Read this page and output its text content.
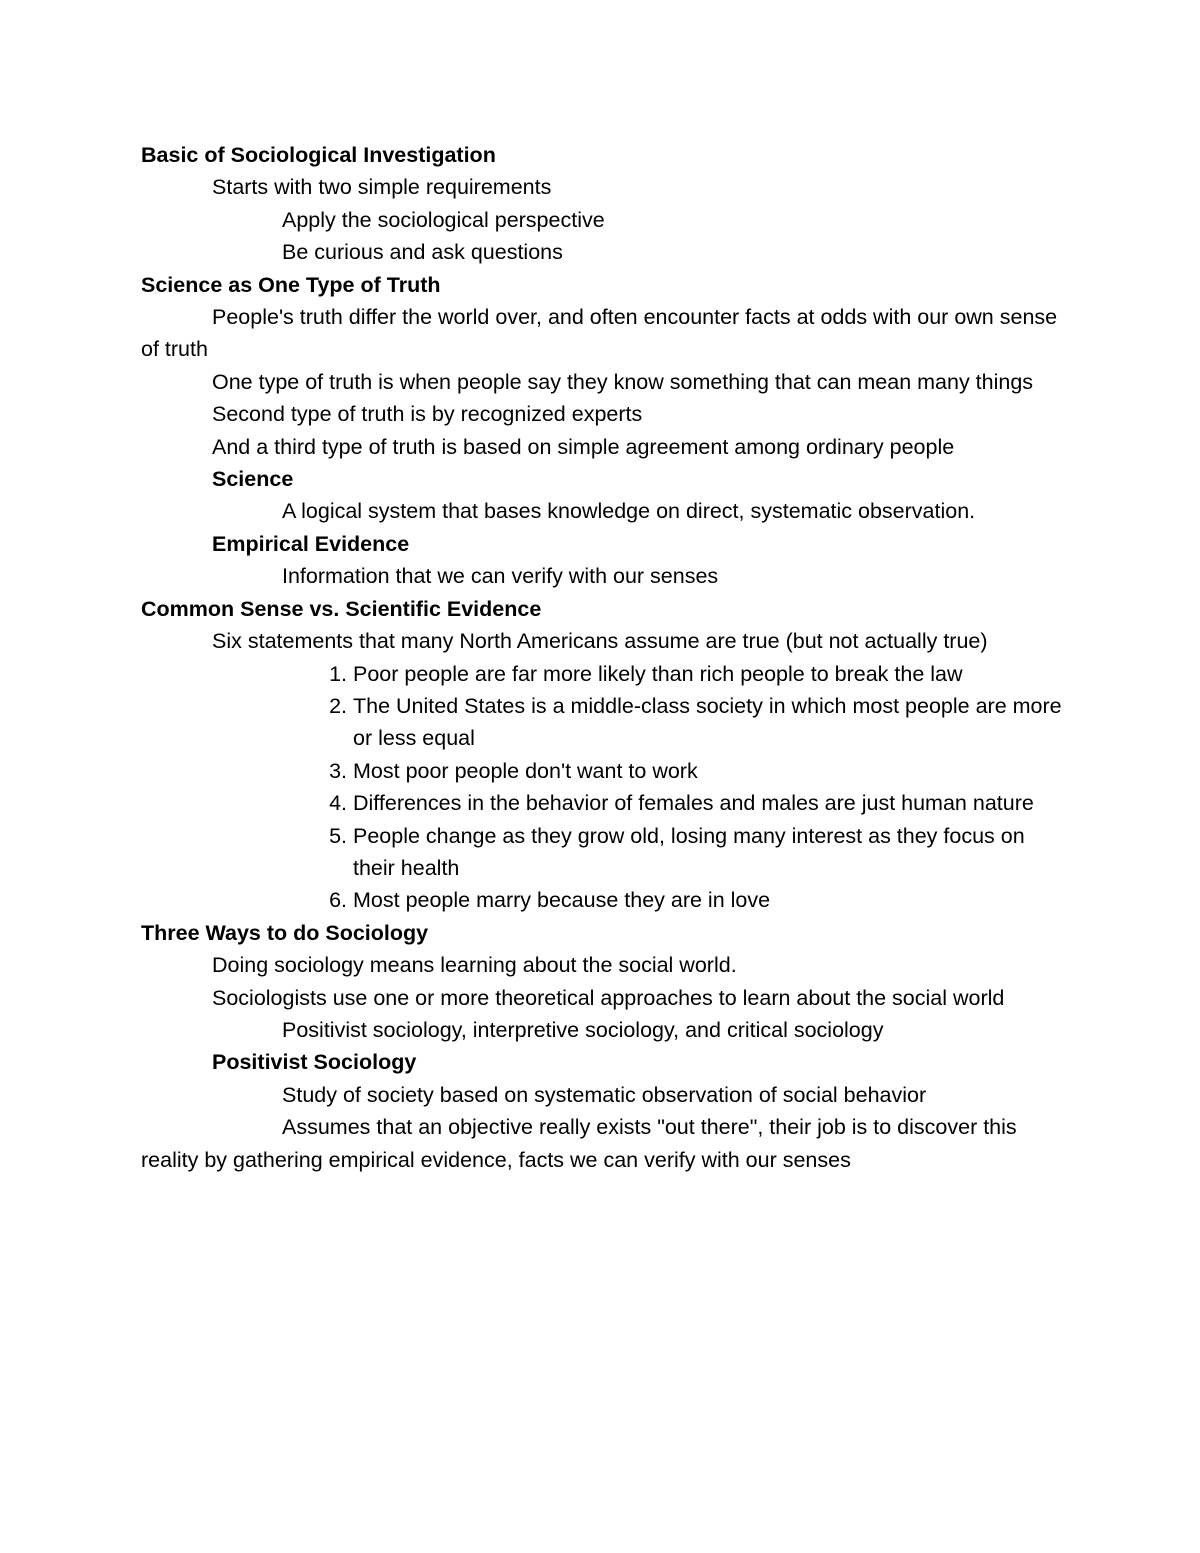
Basic of Sociological Investigation

Starts with two simple requirements

Apply the sociological perspective

Be curious and ask questions

Science as One Type of Truth

People's truth differ the world over, and often encounter facts at odds with our own sense of truth

One type of truth is when people say they know something that can mean many things

Second type of truth is by recognized experts

And a third type of truth is based on simple agreement among ordinary people

Science

A logical system that bases knowledge on direct, systematic observation.

Empirical Evidence

Information that we can verify with our senses

Common Sense vs. Scientific Evidence

Six statements that many North Americans assume are true (but not actually true)

1. Poor people are far more likely than rich people to break the law
2. The United States is a middle-class society in which most people are more or less equal
3. Most poor people don't want to work
4. Differences in the behavior of females and males are just human nature
5. People change as they grow old, losing many interest as they focus on their health
6. Most people marry because they are in love

Three Ways to do Sociology

Doing sociology means learning about the social world.

Sociologists use one or more theoretical approaches to learn about the social world

Positivist sociology, interpretive sociology, and critical sociology

Positivist Sociology

Study of society based on systematic observation of social behavior

Assumes that an objective really exists "out there", their job is to discover this reality by gathering empirical evidence, facts we can verify with our senses
